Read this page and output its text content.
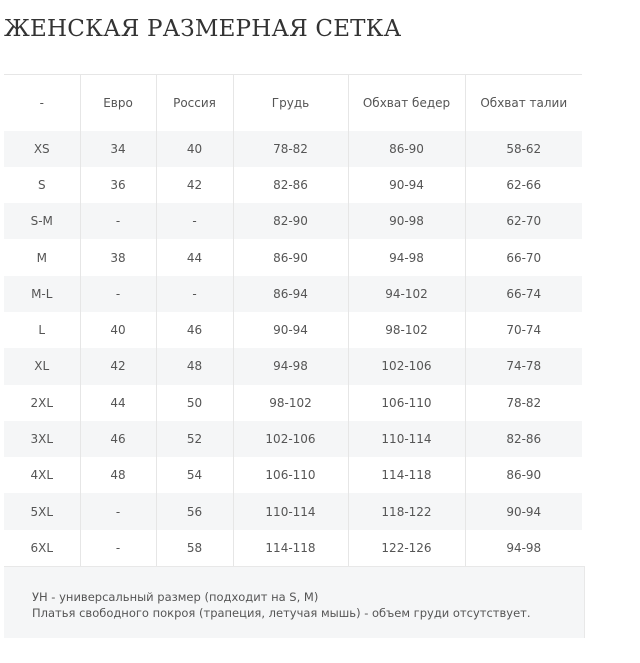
ЖЕНСКАЯ РАЗМЕРНАЯ СЕТКА
-	Евро	Россия	Грудь	Обхват бедер	Обхват талии
XS	34	40	78-82	86-90	58-62
S	36	42	82-86	90-94	62-66
S-M	-	-	82-90	90-98	62-70
M	38	44	86-90	94-98	66-70
M-L	-	-	86-94	94-102	66-74
L	40	46	90-94	98-102	70-74
XL	42	48	94-98	102-106	74-78
2XL	44	50	98-102	106-110	78-82
3XL	46	52	102-106	110-114	82-86
4XL	48	54	106-110	114-118	86-90
5XL	-	56	110-114	118-122	90-94
6XL	-	58	114-118	122-126	94-98
УН - универсальный размер (подходит на S, M)
Платья свободного покроя (трапеция, летучая мышь) - объем груди отсутствует.
